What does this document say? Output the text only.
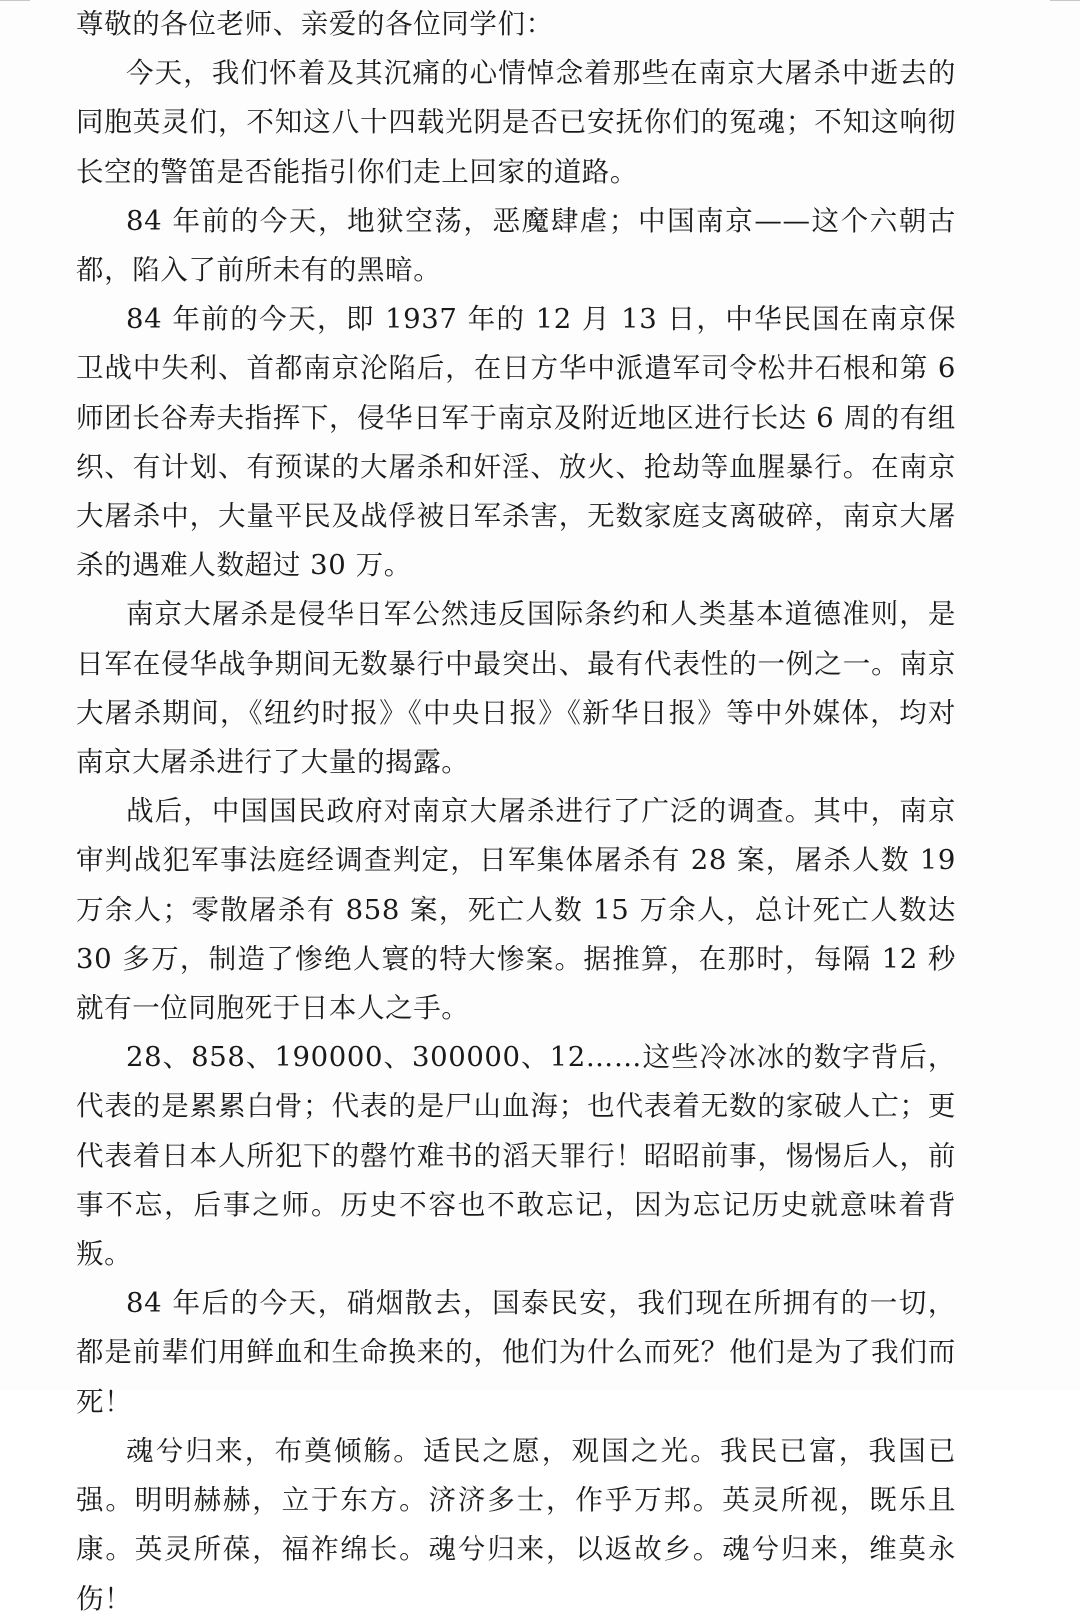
尊敬的各位老师、亲爱的各位同学们：

今天，我们怀着及其沉痛的心情悼念着那些在南京大屠杀中逝去的同胞英灵们，不知这八十四载光阴是否已安抚你们的冤魂；不知这响彻长空的警笛是否能指引你们走上回家的道路。

84 年前的今天，地狱空荡，恶魔肆虐；中国南京——这个六朝古都，陷入了前所未有的黑暗。

84 年前的今天，即 1937 年的 12 月 13 日，中华民国在南京保卫战中失利、首都南京沦陷后，在日方华中派遣军司令松井石根和第 6 师团长谷寿夫指挥下，侵华日军于南京及附近地区进行长达 6 周的有组织、有计划、有预谋的大屠杀和奸淫、放火、抢劫等血腥暴行。在南京大屠杀中，大量平民及战俘被日军杀害，无数家庭支离破碎，南京大屠杀的遇难人数超过 30 万。

南京大屠杀是侵华日军公然违反国际条约和人类基本道德准则，是日军在侵华战争期间无数暴行中最突出、最有代表性的一例之一。南京大屠杀期间，《纽约时报》《中央日报》《新华日报》等中外媒体，均对南京大屠杀进行了大量的揭露。

战后，中国国民政府对南京大屠杀进行了广泛的调查。其中，南京审判战犯军事法庭经调查判定，日军集体屠杀有 28 案，屠杀人数 19 万余人；零散屠杀有 858 案，死亡人数 15 万余人，总计死亡人数达 30 多万，制造了惨绝人寰的特大惨案。据推算，在那时，每隔 12 秒就有一位同胞死于日本人之手。

28、858、190000、300000、12……这些冷冰冰的数字背后，代表的是累累白骨；代表的是尸山血海；也代表着无数的家破人亡；更代表着日本人所犯下的罄竹难书的滔天罪行！昭昭前事，惕惕后人，前事不忘，后事之师。历史不容也不敢忘记，因为忘记历史就意味着背叛。

84 年后的今天，硝烟散去，国泰民安，我们现在所拥有的一切，都是前辈们用鲜血和生命换来的，他们为什么而死？他们是为了我们而死！

魂兮归来，布奠倾觞。适民之愿，观国之光。我民已富，我国已强。明明赫赫，立于东方。济济多士，作乎万邦。英灵所视，既乐且康。英灵所葆，福祚绵长。魂兮归来，以返故乡。魂兮归来，维莫永伤！
